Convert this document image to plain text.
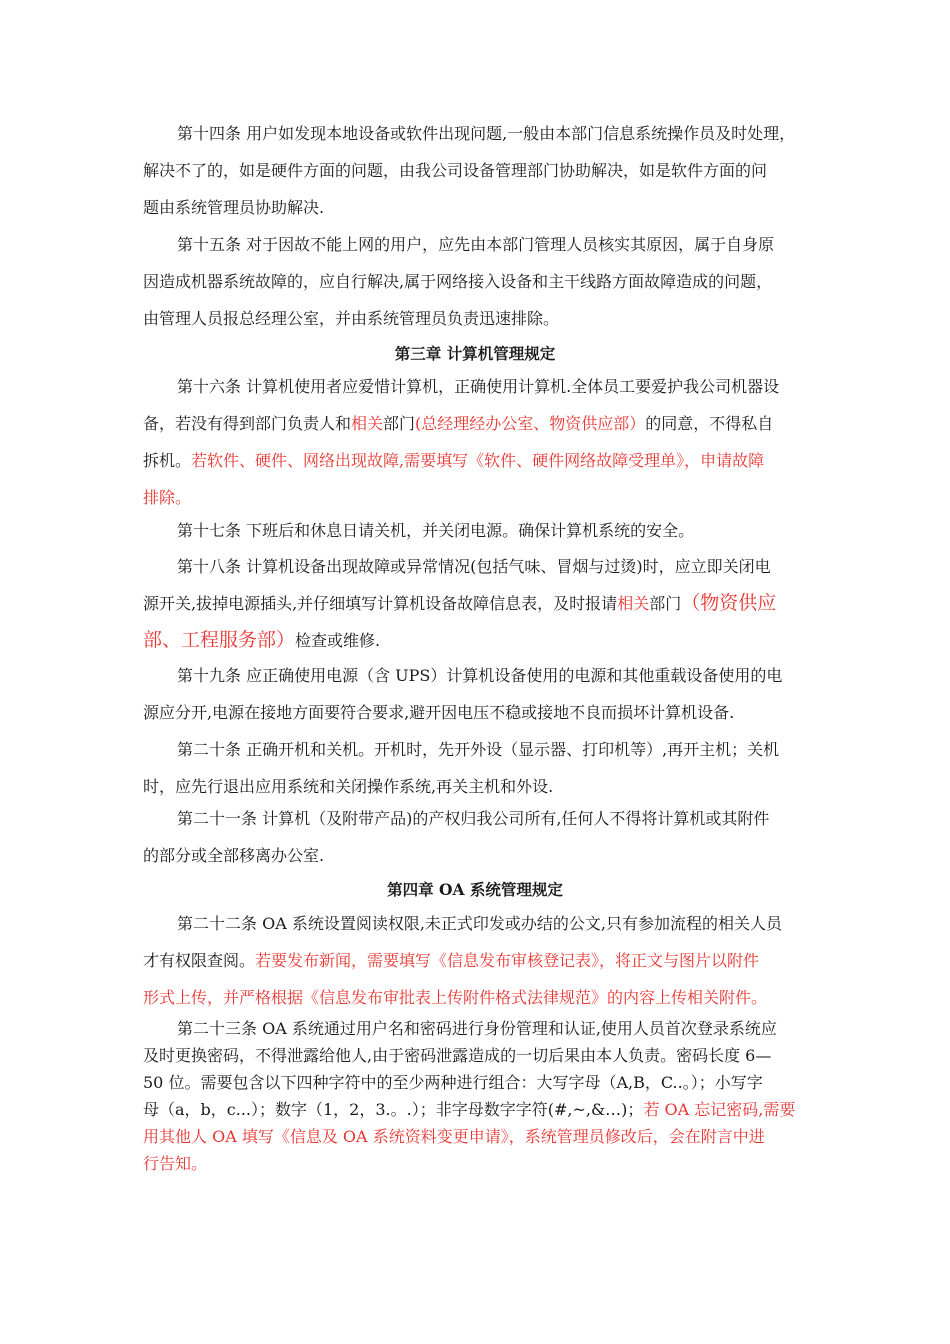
第十四条 用户如发现本地设备或软件出现问题,一般由本部门信息系统操作员及时处理，
解决不了的，如是硬件方面的问题，由我公司设备管理部门协助解决，如是软件方面的问
题由系统管理员协助解决.
第十五条 对于因故不能上网的用户，应先由本部门管理人员核实其原因，属于自身原
因造成机器系统故障的，应自行解决,属于网络接入设备和主干线路方面故障造成的问题，
由管理人员报总经理公室，并由系统管理员负责迅速排除。
第三章 计算机管理规定
第十六条 计算机使用者应爱惜计算机，正确使用计算机.全体员工要爱护我公司机器设
备，若没有得到部门负责人和相关部门(总经理经办公室、物资供应部）的同意，不得私自
拆机。若软件、硬件、网络出现故障,需要填写《软件、硬件网络故障受理单》，申请故障
排除。
第十七条 下班后和休息日请关机，并关闭电源。确保计算机系统的安全。
第十八条 计算机设备出现故障或异常情况(包括气味、冒烟与过烫)时，应立即关闭电
源开关,拔掉电源插头,并仔细填写计算机设备故障信息表，及时报请相关部门（物资供应
部、工程服务部）检查或维修.
第十九条 应正确使用电源（含 UPS）计算机设备使用的电源和其他重载设备使用的电
源应分开,电源在接地方面要符合要求,避开因电压不稳或接地不良而损坏计算机设备.
第二十条 正确开机和关机。开机时，先开外设（显示器、打印机等）,再开主机；关机
时，应先行退出应用系统和关闭操作系统,再关主机和外设.
第二十一条 计算机（及附带产品)的产权归我公司所有,任何人不得将计算机或其附件
的部分或全部移离办公室.
第四章 OA 系统管理规定
第二十二条 OA 系统设置阅读权限,未正式印发或办结的公文,只有参加流程的相关人员
才有权限查阅。若要发布新闻，需要填写《信息发布审核登记表》，将正文与图片以附件
形式上传，并严格根据《信息发布审批表上传附件格式法律规范》的内容上传相关附件。
第二十三条 OA 系统通过用户名和密码进行身份管理和认证,使用人员首次登录系统应
及时更换密码，不得泄露给他人,由于密码泄露造成的一切后果由本人负责。密码长度 6—
50 位。需要包含以下四种字符中的至少两种进行组合：大写字母（A,B，C..。）；小写字
母（a，b，c...）；数字（1，2，3.。.）；非字母数字字符(#,~,&…)；若 OA 忘记密码,需要
用其他人 OA 填写《信息及 OA 系统资料变更申请》，系统管理员修改后，会在附言中进
行告知。
